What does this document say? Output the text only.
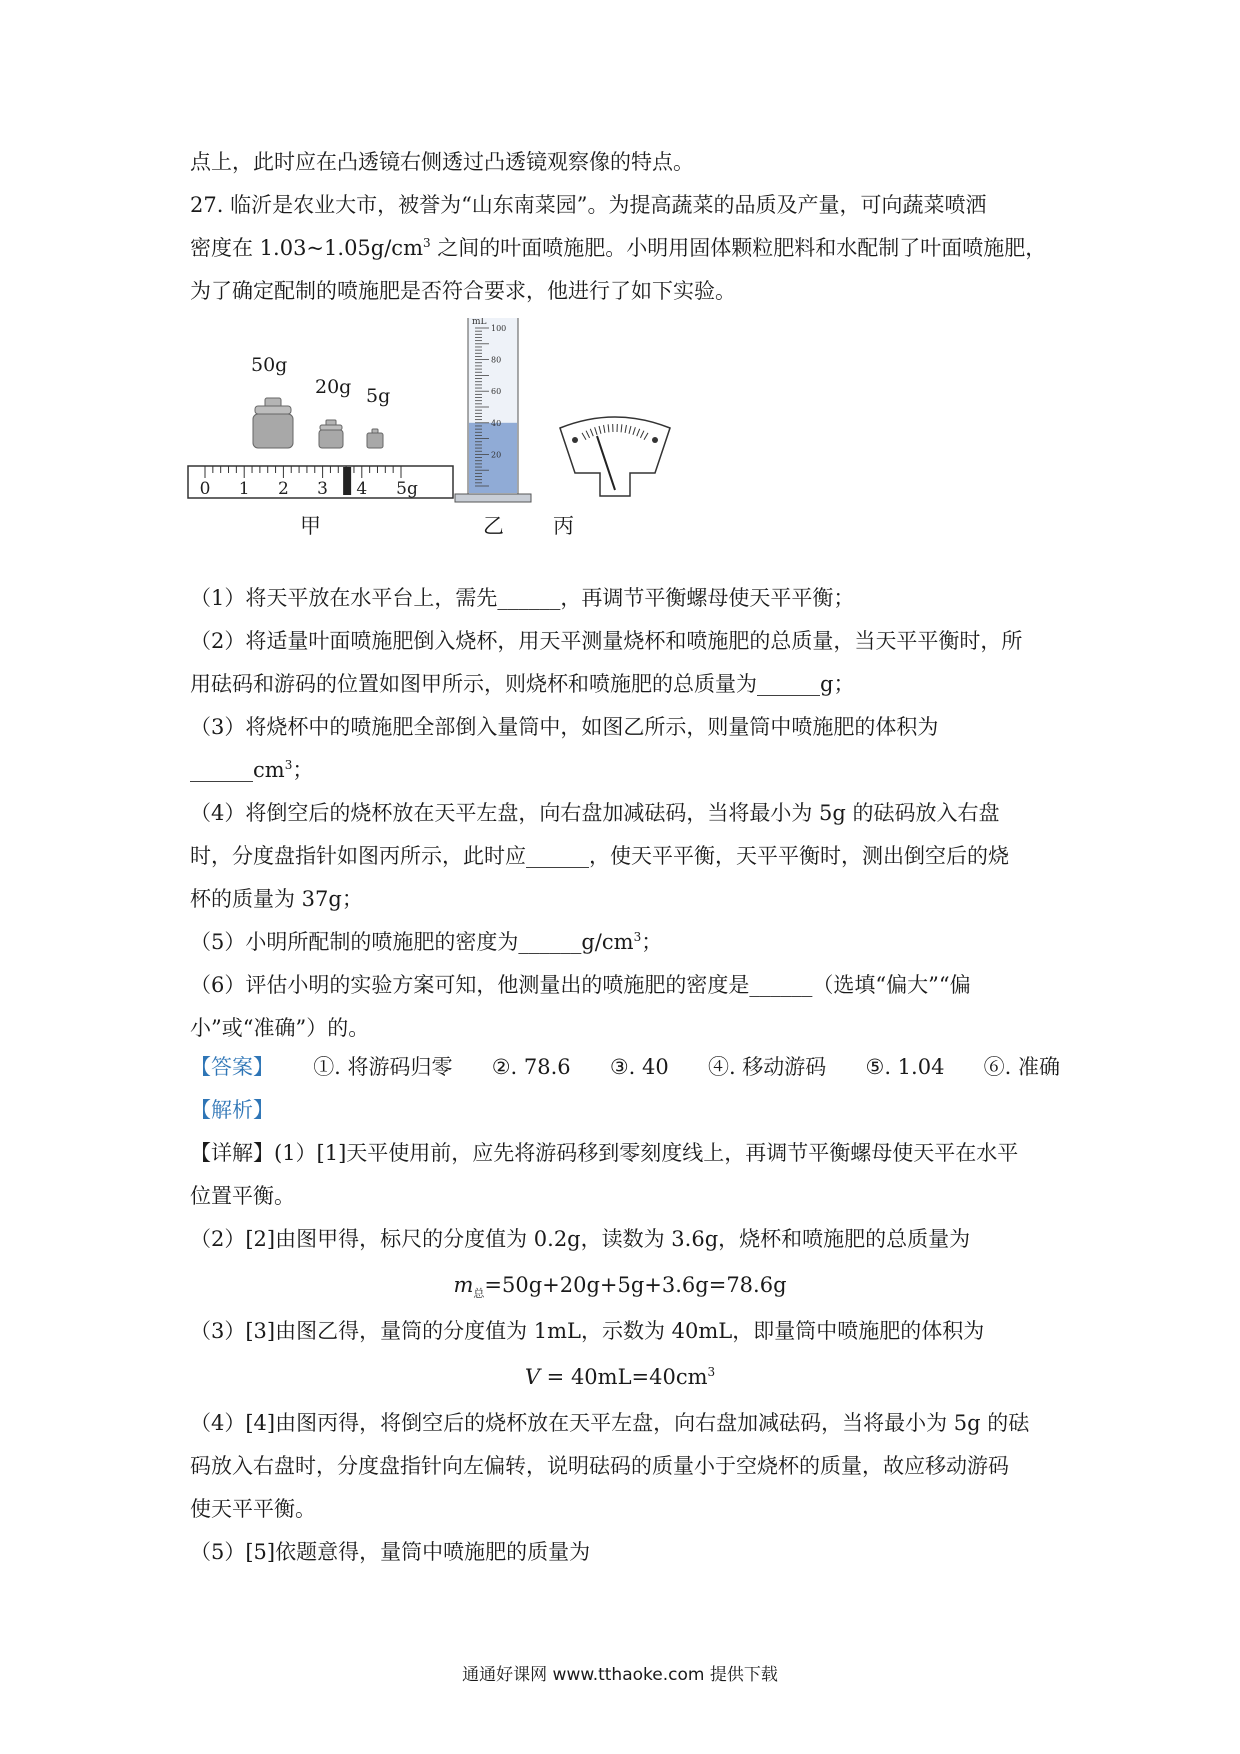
点上，此时应在凸透镜右侧透过凸透镜观察像的特点。
27. 临沂是农业大市，被誉为“山东南菜园”。为提高蔬菜的品质及产量，可向蔬菜喷洒
密度在 $1.03\sim 1.05g/cm^3$ 之间的叶面喷施肥。小明用固体颗粒肥料和水配制了叶面喷施肥，
为了确定配制的喷施肥是否符合要求，他进行了如下实验。
0 1 2 3 4 5g
mL
100
80
60
40
20
50g
20g 5g
甲	乙 丙
（1）将天平放在水平台上，需先______，再调节平衡螺母使天平平衡；
（2）将适量叶面喷施肥倒入烧杯，用天平测量烧杯和喷施肥的总质量，当天平平衡时，所
用砝码和游码的位置如图甲所示，则烧杯和喷施肥的总质量为______g；
（3）将烧杯中的喷施肥全部倒入量筒中，如图乙所示，则量筒中喷施肥的体积为
$\_\_\_\_\_\_cm^3$；
（4）将倒空后的烧杯放在天平左盘，向右盘加减砝码，当将最小为 5g 的砝码放入右盘
时，分度盘指针如图丙所示，此时应______，使天平平衡，天平平衡时，测出倒空后的烧
杯的质量为 37g；
（5）小明所配制的喷施肥的密度为$\_\_\_\_\_\_g/cm^3$；
（6）评估小明的实验方案可知，他测量出的喷施肥的密度是______（选填“偏大”“偏
小”或“准确”）的。
【答案】 ①. 将游码归零 ②. 78.6 ③. 40 ④. 移动游码 ⑤. 1.04 ⑥. 准确
【解析】
【详解】(1）[1]天平使用前，应先将游码移到零刻度线上，再调节平衡螺母使天平在水平
位置平衡。
（2）[2]由图甲得，标尺的分度值为 0.2g，读数为 3.6g，烧杯和喷施肥的总质量为
$m_总=50g+20g+5g+3.6g=78.6g$
（3）[3]由图乙得，量筒的分度值为 1mL，示数为 40mL，即量筒中喷施肥的体积为
$V = 40mL=40cm^3$
（4）[4]由图丙得，将倒空后的烧杯放在天平左盘，向右盘加减砝码，当将最小为 5g 的砝
码放入右盘时，分度盘指针向左偏转，说明砝码的质量小于空烧杯的质量，故应移动游码
使天平平衡。
（5）[5]依题意得，量筒中喷施肥的质量为
通通好课网 www.tthaoke.com 提供下载
